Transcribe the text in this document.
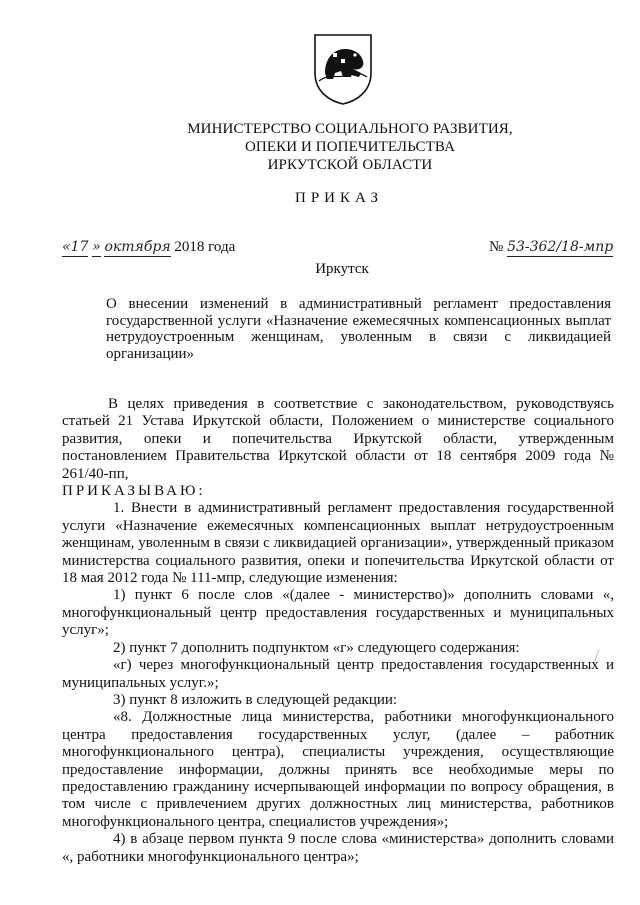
МИНИСТЕРСТВО СОЦИАЛЬНОГО РАЗВИТИЯ,
ОПЕКИ И ПОПЕЧИТЕЛЬСТВА
ИРКУТСКОЙ ОБЛАСТИ
ПРИКАЗ
«17 » октября 2018 года	№ 53-362/18-мпр
Иркутск
О внесении изменений в административный регламент предоставления государственной услуги «Назначение ежемесячных компенсационных выплат нетрудоустроенным женщинам, уволенным в связи с ликвидацией организации»

В целях приведения в соответствие с законодательством, руководствуясь статьей 21 Устава Иркутской области, Положением о министерстве социального развития, опеки и попечительства Иркутской области, утвержденным постановлением Правительства Иркутской области от 18 сентября 2009 года № 261/40-пп,

ПРИКАЗЫВАЮ:

1. Внести в административный регламент предоставления государственной услуги «Назначение ежемесячных компенсационных выплат нетрудоустроенным женщинам, уволенным в связи с ликвидацией организации», утвержденный приказом министерства социального развития, опеки и попечительства Иркутской области от 18 мая 2012 года № 111-мпр, следующие изменения:

1) пункт 6 после слов «(далее - министерство)» дополнить словами «, многофункциональный центр предоставления государственных и муниципальных услуг»;

2) пункт 7 дополнить подпунктом «г» следующего содержания:

«г) через многофункциональный центр предоставления государственных и муниципальных услуг.»;

3) пункт 8 изложить в следующей редакции:

«8. Должностные лица министерства, работники многофункционального центра предоставления государственных услуг, (далее – работник многофункционального центра), специалисты учреждения, осуществляющие предоставление информации, должны принять все необходимые меры по предоставлению гражданину исчерпывающей информации по вопросу обращения, в том числе с привлечением других должностных лиц министерства, работников многофункционального центра, специалистов учреждения»;

4) в абзаце первом пункта 9 после слова «министерства» дополнить словами «, работники многофункционального центра»;
